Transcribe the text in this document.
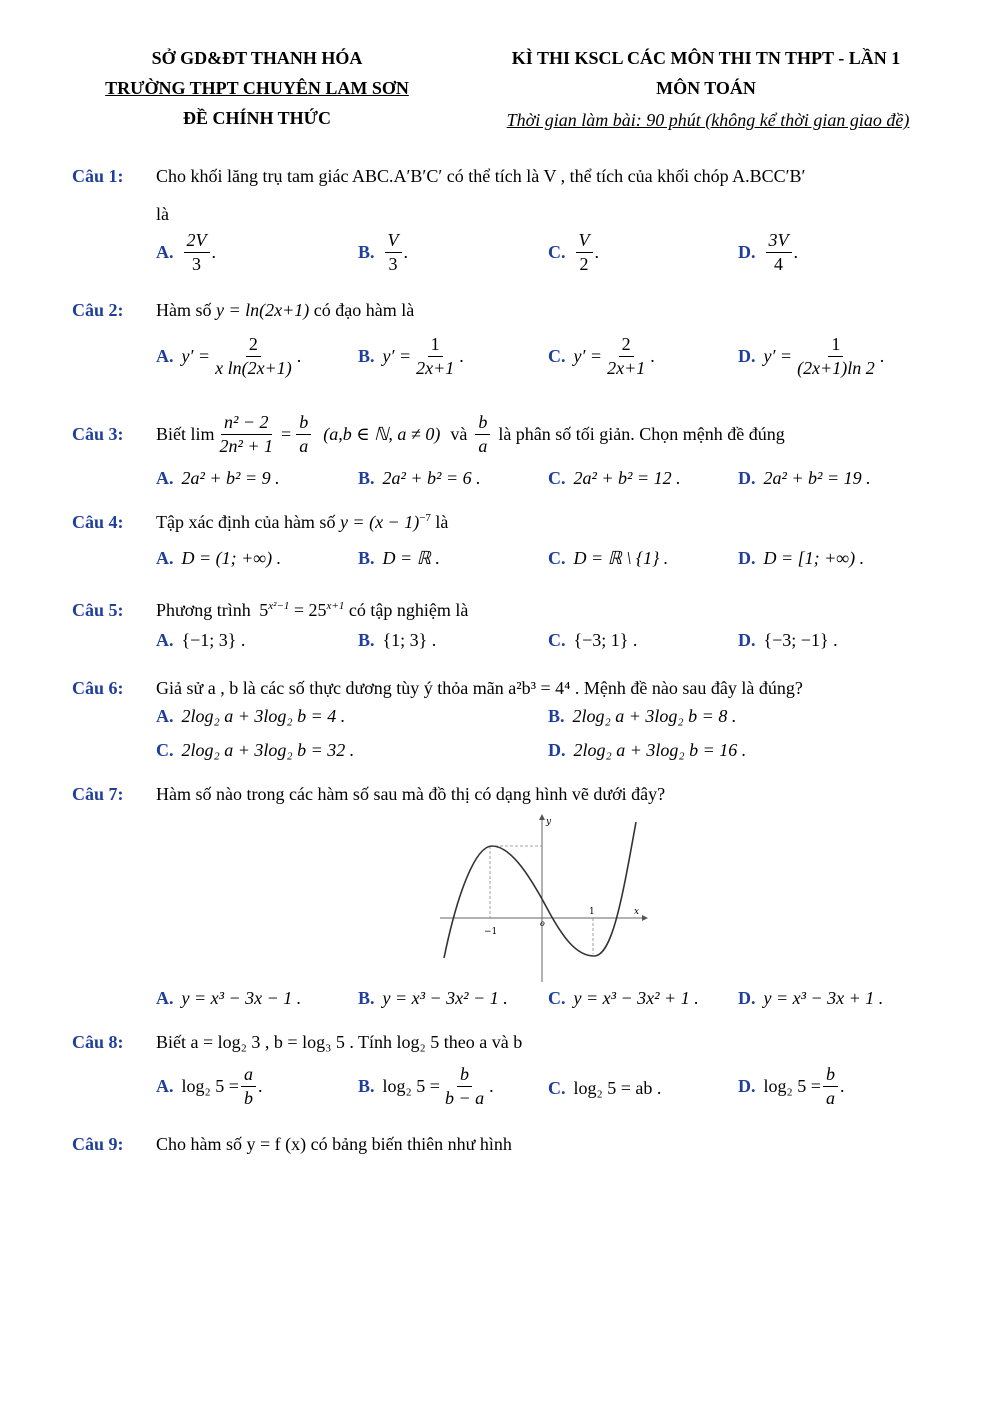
SỞ GD&ĐT THANH HÓA
TRƯỜNG THPT CHUYÊN LAM SƠN
ĐỀ CHÍNH THỨC
KÌ THI KSCL CÁC MÔN THI TN THPT - LẦN 1
MÔN TOÁN
Thời gian làm bài: 90 phút (không kể thời gian giao đề)
Câu 1: Cho khối lăng trụ tam giác ABC.A′B′C′ có thể tích là V , thể tích của khối chóp A.BCC′B′
là
A. $\frac{2V}{3}$ .	B. $\frac{V}{3}$ .	C. $\frac{V}{2}$ .	D. $\frac{3V}{4}$ .
Câu 2: Hàm số y = ln(2x+1) có đạo hàm là
A. $y' = \frac{2}{\text{x ln(2x+1)}}$ .	B. $y' = \frac{1}{2x+1}$ .	C. $y' = \frac{2}{2x+1}$ .	D. $y' = \frac{1}{(2x+1)\ln 2}$ .
Câu 3: Biết $\lim \frac{\text{n² − 2}}{\text{2n² + 1}} = \frac{b}{a} (a,b$ ∈ ℕ, a ≠ 0) và $\frac{b}{a}$ là phân số tối giản. Chọn mệnh đề đúng
A. 2a² + b² = 9 .	B. 2a² + b² = 6 .	C. 2a² + b² = 12 .	D. 2a² + b² = 19 .
Câu 4: Tập xác định của hàm số $y = (x - 1)^{-7}$ là
A. D = (1; +∞) .	B. D = ℝ .	C. D = ℝ \ {1} .	D. D = [1; +∞) .
Câu 5: Phương trình $5^{x^2-1} = 25^{x+1}$ có tập nghiệm là
A. {−1; 3} .	B. {1; 3} .	C. {−3; 1} .	D. {−3; −1} .
Câu 6: Giả sử a , b là các số thực dương tùy ý thỏa mãn a²b³ = 4⁴ . Mệnh đề nào sau đây là đúng?
A. 2log₂ a + 3log₂ b = 4 .	B. 2log₂ a + 3log₂ b = 8 .
C. 2log₂ a + 3log₂ b = 32 .	D. 2log₂ a + 3log₂ b = 16 .
Câu 7: Hàm số nào trong các hàm số sau mà đồ thị có dạng hình vẽ dưới đây?
y
x
o
1
−1
A. y = x³ − 3x − 1 .	B. y = x³ − 3x² − 1 . C. y = x³ − 3x² + 1 . D. y = x³ − 3x + 1 .
Câu 8: Biết a = log₂ 3 , b = log₃ 5 . Tính log₂ 5 theo a và b
A. log₂ $5 = \frac{a}{b}$ .	B. log₂ $5 = \frac{b}{b - a}$ .	C. log₂ 5 = ab .	D. log₂ $5 = \frac{b}{a}$ .
Câu 9: Cho hàm số y = f (x) có bảng biến thiên như hình
